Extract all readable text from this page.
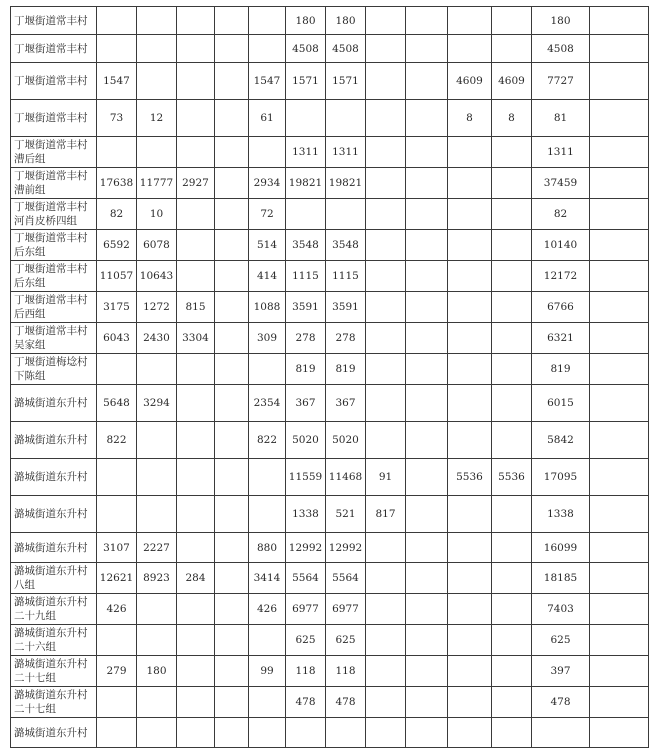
丁堰街道常丰村						180	180					180	
丁堰街道常丰村						4508	4508					4508	
丁堰街道常丰村	1547				1547	1571	1571			4609	4609	7727	
丁堰街道常丰村	73	12			61					8	8	81	
丁堰街道常丰村漕后组						1311	1311					1311	
丁堰街道常丰村漕前组	17638	11777	2927		2934	19821	19821					37459	
丁堰街道常丰村河肖皮桥四组	82	10			72							82	
丁堰街道常丰村后东组	6592	6078			514	3548	3548					10140	
丁堰街道常丰村后东组	11057	10643			414	1115	1115					12172	
丁堰街道常丰村后西组	3175	1272	815		1088	3591	3591					6766	
丁堰街道常丰村吴家组	6043	2430	3304		309	278	278					6321	
丁堰街道梅埝村下陈组						819	819					819	
潞城街道东升村	5648	3294			2354	367	367					6015	
潞城街道东升村	822				822	5020	5020					5842	
潞城街道东升村						11559	11468	91		5536	5536	17095	
潞城街道东升村						1338	521	817				1338	
潞城街道东升村	3107	2227			880	12992	12992					16099	
潞城街道东升村八组	12621	8923	284		3414	5564	5564					18185	
潞城街道东升村二十九组	426				426	6977	6977					7403	
潞城街道东升村二十六组						625	625					625	
潞城街道东升村二十七组	279	180			99	118	118					397	
潞城街道东升村二十七组						478	478					478	
潞城街道东升村													
